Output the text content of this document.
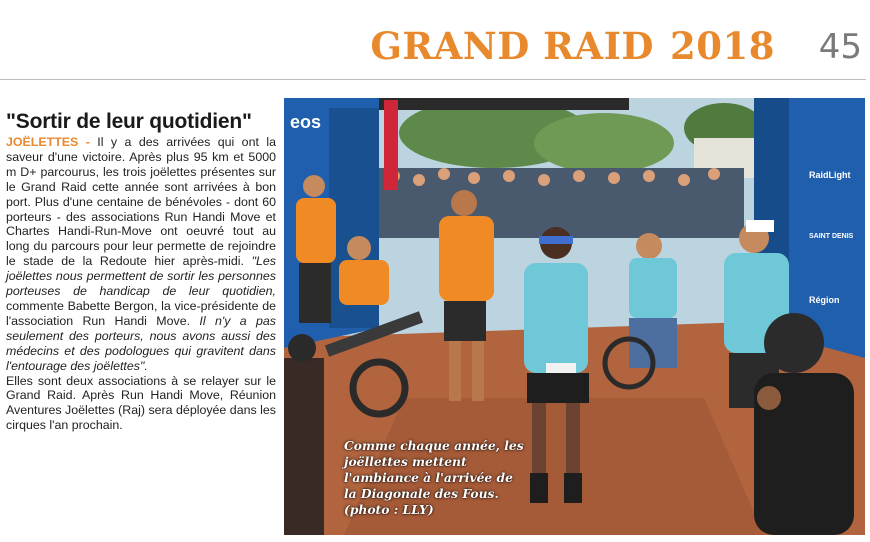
GRAND RAID 2018 45
"Sortir de leur quotidien"

JOËLETTES - Il y a des arrivées qui ont la saveur d'une victoire. Après plus 95 km et 5000 m D+ parcourus, les trois joëlettes présentes sur le Grand Raid cette année sont arrivées à bon port. Plus d'une centaine de bénévoles - dont 60 porteurs - des associations Run Handi Move et Chartes Handi-Run-Move ont oeuvré tout au long du parcours pour leur permette de rejoindre le stade de la Redoute hier après-midi. "Les joëlettes nous permettent de sortir les personnes porteuses de handicap de leur quotidien, commente Babette Bergon, la vice-présidente de l'association Run Handi Move. Il n'y a pas seulement des porteurs, nous avons aussi des médecins et des podologues qui gravitent dans l'entourage des joëlettes".

Elles sont deux associations à se relayer sur le Grand Raid. Après Run Handi Move, Réunion Aventures Joëlettes (Raj) sera déployée dans les cirques l'an prochain.

eos
RaidLight
SAINT DENIS
Région
Comme chaque année, les joëllettes mettent l'ambiance à l'arrivée de la Diagonale des Fous. (photo : LLY)
